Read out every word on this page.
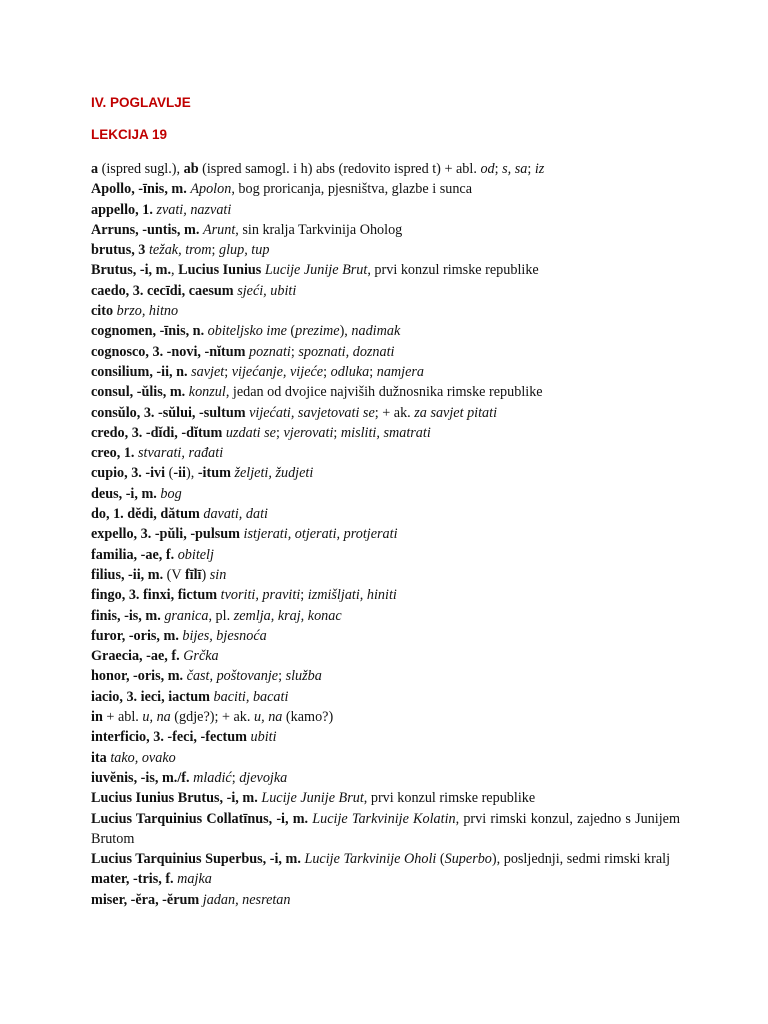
IV. POGLAVLJE

LEKCIJA 19

a (ispred sugl.), ab (ispred samogl. i h) abs (redovito ispred t) + abl. od; s, sa; iz

Apollo, -īnis, m. Apolon, bog proricanja, pjesništva, glazbe i sunca

appello, 1. zvati, nazvati

Arruns, -untis, m. Arunt, sin kralja Tarkvinija Oholog

brutus, 3 težak, trom; glup, tup

Brutus, -i, m., Lucius Iunius Lucije Junije Brut, prvi konzul rimske republike

caedo, 3. cecīdi, caesum sjeći, ubiti

cito brzo, hitno

cognomen, -īnis, n. obiteljsko ime (prezime), nadimak

cognosco, 3. -novi, -nĭtum poznati; spoznati, doznati

consilium, -ii, n. savjet; vijećanje, vijeće; odluka; namjera

consul, -ŭlis, m. konzul, jedan od dvojice najviših dužnosnika rimske republike

consŭlo, 3. -sŭlui, -sultum vijećati, savjetovati se; + ak. za savjet pitati

credo, 3. -dĭdi, -dĭtum uzdati se; vjerovati; misliti, smatrati

creo, 1. stvarati, rađati

cupio, 3. -ivi (-ii), -itum željeti, žudjeti

deus, -i, m. bog

do, 1. dĕdi, dătum davati, dati

expello, 3. -pŭli, -pulsum istjerati, otjerati, protjerati

familia, -ae, f. obitelj

filius, -ii, m. (V fīlī) sin

fingo, 3. finxi, fictum tvoriti, praviti; izmišljati, hiniti

finis, -is, m. granica, pl. zemlja, kraj, konac

furor, -oris, m. bijes, bjesnoća

Graecia, -ae, f. Grčka

honor, -oris, m. čast, poštovanje; služba

iacio, 3. ieci, iactum baciti, bacati

in + abl. u, na (gdje?); + ak. u, na (kamo?)

interficio, 3. -feci, -fectum ubiti

ita tako, ovako

iuvĕnis, -is, m./f. mladić; djevojka

Lucius Iunius Brutus, -i, m. Lucije Junije Brut, prvi konzul rimske republike

Lucius Tarquinius Collatīnus, -i, m. Lucije Tarkvinije Kolatin, prvi rimski konzul, zajedno s Junijem Brutom

Lucius Tarquinius Superbus, -i, m. Lucije Tarkvinije Oholi (Superbo), posljednji, sedmi rimski kralj

mater, -tris, f. majka

miser, -ĕra, -ĕrum jadan, nesretan
